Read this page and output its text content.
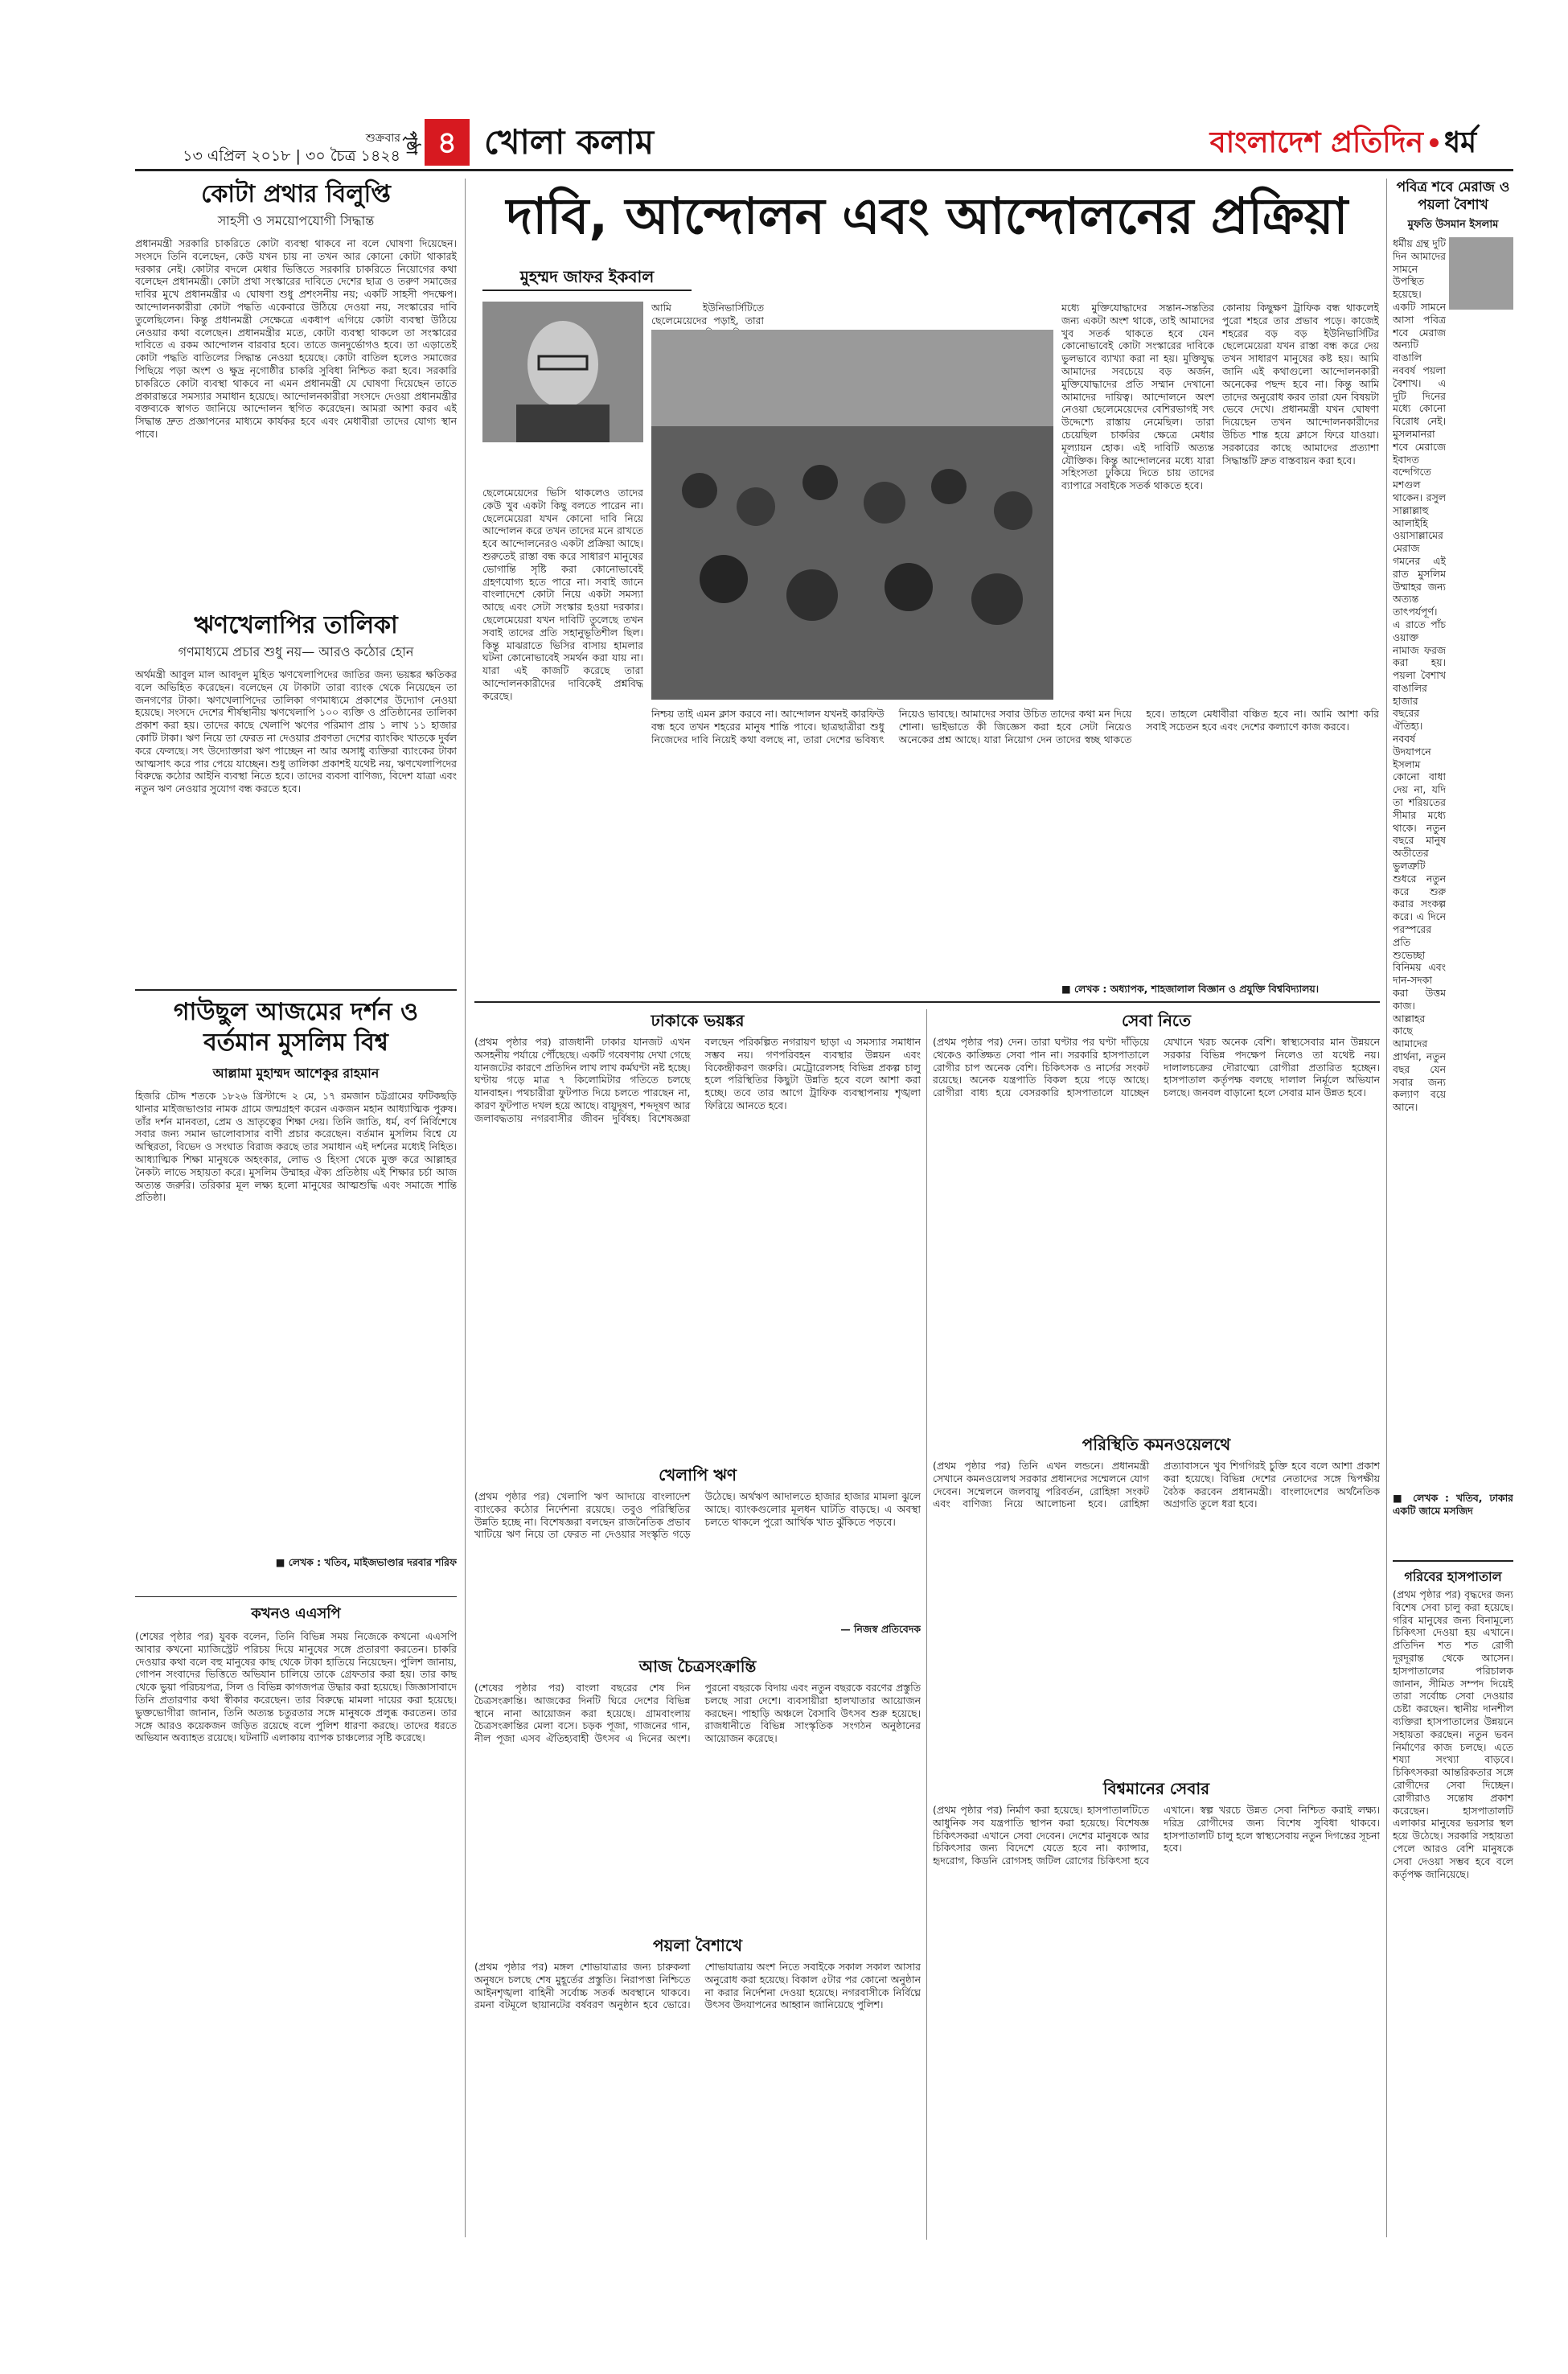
শুক্রবার
১৩ এপ্রিল ২০১৮ | ৩০ চৈত্র ১৪২৪
পৃষ্ঠা ৪ খোলা কলাম	বাংলাদেশ প্রতিদিন ধর্ম
কোটা প্রথার বিলুপ্তি
সাহসী ও সময়োপযোগী সিদ্ধান্ত
প্রধানমন্ত্রী সরকারি চাকরিতে কোটা ব্যবস্থা থাকবে না বলে ঘোষণা দিয়েছেন। সংসদে তিনি বলেছেন, কেউ যখন চায় না তখন আর কোনো কোটা থাকারই দরকার নেই। কোটার বদলে মেধার ভিত্তিতে সরকারি চাকরিতে নিয়োগের কথা বলেছেন প্রধানমন্ত্রী। কোটা প্রথা সংস্কারের দাবিতে দেশের ছাত্র ও তরুণ সমাজের দাবির মুখে প্রধানমন্ত্রীর এ ঘোষণা শুধু প্রশংসনীয় নয়; একটি সাহসী পদক্ষেপ। আন্দোলনকারীরা কোটা পদ্ধতি একেবারে উঠিয়ে দেওয়া নয়, সংস্কারের দাবি তুলেছিলেন। কিন্তু প্রধানমন্ত্রী সেক্ষেত্রে একধাপ এগিয়ে কোটা ব্যবস্থা উঠিয়ে নেওয়ার কথা বলেছেন। প্রধানমন্ত্রীর মতে, কোটা ব্যবস্থা থাকলে তা সংস্কারের দাবিতে এ রকম আন্দোলন বারবার হবে। তাতে জনদুর্ভোগও হবে। তা এড়াতেই কোটা পদ্ধতি বাতিলের সিদ্ধান্ত নেওয়া হয়েছে। কোটা বাতিল হলেও সমাজের পিছিয়ে পড়া অংশ ও ক্ষুদ্র নৃগোষ্ঠীর চাকরি সুবিধা নিশ্চিত করা হবে। সরকারি চাকরিতে কোটা ব্যবস্থা থাকবে না এমন প্রধানমন্ত্রী যে ঘোষণা দিয়েছেন তাতে প্রকারান্তরে সমস্যার সমাধান হয়েছে। আন্দোলনকারীরা সংসদে দেওয়া প্রধানমন্ত্রীর বক্তব্যকে স্বাগত জানিয়ে আন্দোলন স্থগিত করেছেন। আমরা আশা করব এই সিদ্ধান্ত দ্রুত প্রজ্ঞাপনের মাধ্যমে কার্যকর হবে এবং মেধাবীরা তাদের যোগ্য স্থান পাবে।
ঋণখেলাপির তালিকা
গণমাধ্যমে প্রচার শুধু নয়— আরও কঠোর হোন
অর্থমন্ত্রী আবুল মাল আবদুল মুহিত ঋণখেলাপিদের জাতির জন্য ভয়ঙ্কর ক্ষতিকর বলে অভিহিত করেছেন। বলেছেন যে টাকাটা তারা ব্যাংক থেকে নিয়েছেন তা জনগণের টাকা। ঋণখেলাপিদের তালিকা গণমাধ্যমে প্রকাশের উদ্যোগ নেওয়া হয়েছে। সংসদে দেশের শীর্ষস্থানীয় ঋণখেলাপি ১০০ ব্যক্তি ও প্রতিষ্ঠানের তালিকা প্রকাশ করা হয়। তাদের কাছে খেলাপি ঋণের পরিমাণ প্রায় ১ লাখ ১১ হাজার কোটি টাকা। ঋণ নিয়ে তা ফেরত না দেওয়ার প্রবণতা দেশের ব্যাংকিং খাতকে দুর্বল করে ফেলছে। সৎ উদ্যোক্তারা ঋণ পাচ্ছেন না আর অসাধু ব্যক্তিরা ব্যাংকের টাকা আত্মসাৎ করে পার পেয়ে যাচ্ছেন। শুধু তালিকা প্রকাশই যথেষ্ট নয়, ঋণখেলাপিদের বিরুদ্ধে কঠোর আইনি ব্যবস্থা নিতে হবে। তাদের ব্যবসা বাণিজ্য, বিদেশ যাত্রা এবং নতুন ঋণ নেওয়ার সুযোগ বন্ধ করতে হবে।
গাউছুল আজমের দর্শন ও
বর্তমান মুসলিম বিশ্ব
আল্লামা মুহাম্মদ আশেকুর রাহমান
হিজরি চৌদ্দ শতকে ১৮২৬ খ্রিস্টাব্দে ২ মে, ১৭ রমজান চট্টগ্রামের ফটিকছড়ি থানার মাইজভাণ্ডার নামক গ্রামে জন্মগ্রহণ করেন একজন মহান আধ্যাত্মিক পুরুষ। তাঁর দর্শন মানবতা, প্রেম ও ভ্রাতৃত্বের শিক্ষা দেয়। তিনি জাতি, ধর্ম, বর্ণ নির্বিশেষে সবার জন্য সমান ভালোবাসার বাণী প্রচার করেছেন। বর্তমান মুসলিম বিশ্বে যে অস্থিরতা, বিভেদ ও সংঘাত বিরাজ করছে তার সমাধান এই দর্শনের মধ্যেই নিহিত। আধ্যাত্মিক শিক্ষা মানুষকে অহংকার, লোভ ও হিংসা থেকে মুক্ত করে আল্লাহর নৈকট্য লাভে সহায়তা করে। মুসলিম উম্মাহর ঐক্য প্রতিষ্ঠায় এই শিক্ষার চর্চা আজ অত্যন্ত জরুরি। তরিকার মূল লক্ষ্য হলো মানুষের আত্মশুদ্ধি এবং সমাজে শান্তি প্রতিষ্ঠা।
■ লেখক : খতিব, মাইজভাণ্ডার দরবার শরিফ
কখনও এএসপি
(শেষের পৃষ্ঠার পর) যুবক বলেন, তিনি বিভিন্ন সময় নিজেকে কখনো এএসপি আবার কখনো ম্যাজিস্ট্রেট পরিচয় দিয়ে মানুষের সঙ্গে প্রতারণা করতেন। চাকরি দেওয়ার কথা বলে বহু মানুষের কাছ থেকে টাকা হাতিয়ে নিয়েছেন। পুলিশ জানায়, গোপন সংবাদের ভিত্তিতে অভিযান চালিয়ে তাকে গ্রেফতার করা হয়। তার কাছ থেকে ভুয়া পরিচয়পত্র, সিল ও বিভিন্ন কাগজপত্র উদ্ধার করা হয়েছে। জিজ্ঞাসাবাদে তিনি প্রতারণার কথা স্বীকার করেছেন। তার বিরুদ্ধে মামলা দায়ের করা হয়েছে। ভুক্তভোগীরা জানান, তিনি অত্যন্ত চতুরতার সঙ্গে মানুষকে প্রলুব্ধ করতেন। তার সঙ্গে আরও কয়েকজন জড়িত রয়েছে বলে পুলিশ ধারণা করছে। তাদের ধরতে অভিযান অব্যাহত রয়েছে। ঘটনাটি এলাকায় ব্যাপক চাঞ্চল্যের সৃষ্টি করেছে।
দাবি, আন্দোলন এবং আন্দোলনের প্রক্রিয়া
মুহম্মদ জাফর ইকবাল
আমি ইউনিভার্সিটিতে ছেলেমেয়েদের পড়াই, তারা
ছেলেমেয়েদের ভিসি থাকলেও তাদের কেউ খুব একটা কিছু বলতে পারেন না। ছেলেমেয়েরা যখন কোনো দাবি নিয়ে আন্দোলন করে তখন তাদের মনে রাখতে হবে আন্দোলনেরও একটা প্রক্রিয়া আছে। শুরুতেই রাস্তা বন্ধ করে সাধারণ মানুষের ভোগান্তি সৃষ্টি করা কোনোভাবেই গ্রহণযোগ্য হতে পারে না। সবাই জানে বাংলাদেশে কোটা নিয়ে একটা সমস্যা আছে এবং সেটা সংস্কার হওয়া দরকার। ছেলেমেয়েরা যখন দাবিটি তুলেছে তখন সবাই তাদের প্রতি সহানুভূতিশীল ছিল। কিন্তু মাঝরাতে ভিসির বাসায় হামলার ঘটনা কোনোভাবেই সমর্থন করা যায় না। যারা এই কাজটি করেছে তারা আন্দোলনকারীদের দাবিকেই প্রশ্নবিদ্ধ করেছে।
মধ্যে মুক্তিযোদ্ধাদের সন্তান-সন্ততির জন্য একটা অংশ থাকে, তাই আমাদের খুব সতর্ক থাকতে হবে যেন কোনোভাবেই কোটা সংস্কারের দাবিকে ভুলভাবে ব্যাখ্যা করা না হয়। মুক্তিযুদ্ধ আমাদের সবচেয়ে বড় অর্জন, মুক্তিযোদ্ধাদের প্রতি সম্মান দেখানো আমাদের দায়িত্ব। আন্দোলনে অংশ নেওয়া ছেলেমেয়েদের বেশিরভাগই সৎ উদ্দেশ্যে রাস্তায় নেমেছিল। তারা চেয়েছিল চাকরির ক্ষেত্রে মেধার মূল্যায়ন হোক। এই দাবিটি অত্যন্ত যৌক্তিক। কিন্তু আন্দোলনের মধ্যে যারা সহিংসতা ঢুকিয়ে দিতে চায় তাদের ব্যাপারে সবাইকে সতর্ক থাকতে হবে।
কোনায় কিছুক্ষণ ট্রাফিক বন্ধ থাকলেই পুরো শহরে তার প্রভাব পড়ে। কাজেই শহরের বড় বড় ইউনিভার্সিটির ছেলেমেয়েরা যখন রাস্তা বন্ধ করে দেয় তখন সাধারণ মানুষের কষ্ট হয়। আমি জানি এই কথাগুলো আন্দোলনকারী অনেকের পছন্দ হবে না। কিন্তু আমি তাদের অনুরোধ করব তারা যেন বিষয়টা ভেবে দেখে। প্রধানমন্ত্রী যখন ঘোষণা দিয়েছেন তখন আন্দোলনকারীদের উচিত শান্ত হয়ে ক্লাসে ফিরে যাওয়া। সরকারের কাছে আমাদের প্রত্যাশা সিদ্ধান্তটি দ্রুত বাস্তবায়ন করা হবে।
নিশ্চয় তাই এমন ক্লাস করবে না। আন্দোলন যখনই কারফিউ বন্ধ হবে তখন শহরের মানুষ শান্তি পাবে। ছাত্রছাত্রীরা শুধু নিজেদের দাবি নিয়েই কথা বলছে না, তারা দেশের ভবিষ্যৎ নিয়েও ভাবছে। আমাদের সবার উচিত তাদের কথা মন দিয়ে শোনা। ভাইভাতে কী জিজ্ঞেস করা হবে সেটা নিয়েও অনেকের প্রশ্ন আছে। যারা নিয়োগ দেন তাদের স্বচ্ছ থাকতে হবে। তাহলে মেধাবীরা বঞ্চিত হবে না। আমি আশা করি সবাই সচেতন হবে এবং দেশের কল্যাণে কাজ করবে।
■ লেখক : অধ্যাপক, শাহজালাল বিজ্ঞান ও প্রযুক্তি বিশ্ববিদ্যালয়।
ঢাকাকে ভয়ঙ্কর
(প্রথম পৃষ্ঠার পর) রাজধানী ঢাকার যানজট এখন অসহনীয় পর্যায়ে পৌঁছেছে। একটি গবেষণায় দেখা গেছে যানজটের কারণে প্রতিদিন লাখ লাখ কর্মঘণ্টা নষ্ট হচ্ছে। ঘণ্টায় গড়ে মাত্র ৭ কিলোমিটার গতিতে চলছে যানবাহন। পথচারীরা ফুটপাত দিয়ে চলতে পারছেন না, কারণ ফুটপাত দখল হয়ে আছে। বায়ুদূষণ, শব্দদূষণ আর জলাবদ্ধতায় নগরবাসীর জীবন দুর্বিষহ। বিশেষজ্ঞরা বলছেন পরিকল্পিত নগরায়ণ ছাড়া এ সমস্যার সমাধান সম্ভব নয়। গণপরিবহন ব্যবস্থার উন্নয়ন এবং বিকেন্দ্রীকরণ জরুরি। মেট্রোরেলসহ বিভিন্ন প্রকল্প চালু হলে পরিস্থিতির কিছুটা উন্নতি হবে বলে আশা করা হচ্ছে। তবে তার আগে ট্রাফিক ব্যবস্থাপনায় শৃঙ্খলা ফিরিয়ে আনতে হবে।
খেলাপি ঋণ
(প্রথম পৃষ্ঠার পর) খেলাপি ঋণ আদায়ে বাংলাদেশ ব্যাংকের কঠোর নির্দেশনা রয়েছে। তবুও পরিস্থিতির উন্নতি হচ্ছে না। বিশেষজ্ঞরা বলছেন রাজনৈতিক প্রভাব খাটিয়ে ঋণ নিয়ে তা ফেরত না দেওয়ার সংস্কৃতি গড়ে উঠেছে। অর্থঋণ আদালতে হাজার হাজার মামলা ঝুলে আছে। ব্যাংকগুলোর মূলধন ঘাটতি বাড়ছে। এ অবস্থা চলতে থাকলে পুরো আর্থিক খাত ঝুঁকিতে পড়বে।
— নিজস্ব প্রতিবেদক
আজ চৈত্রসংক্রান্তি
(শেষের পৃষ্ঠার পর) বাংলা বছরের শেষ দিন চৈত্রসংক্রান্তি। আজকের দিনটি ঘিরে দেশের বিভিন্ন স্থানে নানা আয়োজন করা হয়েছে। গ্রামবাংলায় চৈত্রসংক্রান্তির মেলা বসে। চড়ক পূজা, গাজনের গান, নীল পূজা এসব ঐতিহ্যবাহী উৎসব এ দিনের অংশ। পুরনো বছরকে বিদায় এবং নতুন বছরকে বরণের প্রস্তুতি চলছে সারা দেশে। ব্যবসায়ীরা হালখাতার আয়োজন করছেন। পাহাড়ি অঞ্চলে বৈসাবি উৎসব শুরু হয়েছে। রাজধানীতে বিভিন্ন সাংস্কৃতিক সংগঠন অনুষ্ঠানের আয়োজন করেছে।
পয়লা বৈশাখে
(প্রথম পৃষ্ঠার পর) মঙ্গল শোভাযাত্রার জন্য চারুকলা অনুষদে চলছে শেষ মুহূর্তের প্রস্তুতি। নিরাপত্তা নিশ্চিতে আইনশৃঙ্খলা বাহিনী সর্বোচ্চ সতর্ক অবস্থানে থাকবে। রমনা বটমূলে ছায়ানটের বর্ষবরণ অনুষ্ঠান হবে ভোরে। শোভাযাত্রায় অংশ নিতে সবাইকে সকাল সকাল আসার অনুরোধ করা হয়েছে। বিকাল ৫টার পর কোনো অনুষ্ঠান না করার নির্দেশনা দেওয়া হয়েছে। নগরবাসীকে নির্বিঘ্নে উৎসব উদযাপনের আহ্বান জানিয়েছে পুলিশ।
সেবা নিতে
(প্রথম পৃষ্ঠার পর) দেন। তারা ঘণ্টার পর ঘণ্টা দাঁড়িয়ে থেকেও কাঙ্ক্ষিত সেবা পান না। সরকারি হাসপাতালে রোগীর চাপ অনেক বেশি। চিকিৎসক ও নার্সের সংকট রয়েছে। অনেক যন্ত্রপাতি বিকল হয়ে পড়ে আছে। রোগীরা বাধ্য হয়ে বেসরকারি হাসপাতালে যাচ্ছেন যেখানে খরচ অনেক বেশি। স্বাস্থ্যসেবার মান উন্নয়নে সরকার বিভিন্ন পদক্ষেপ নিলেও তা যথেষ্ট নয়। দালালচক্রের দৌরাত্ম্যে রোগীরা প্রতারিত হচ্ছেন। হাসপাতাল কর্তৃপক্ষ বলছে দালাল নির্মূলে অভিযান চলছে। জনবল বাড়ানো হলে সেবার মান উন্নত হবে।
পরিস্থিতি কমনওয়েলথে
(প্রথম পৃষ্ঠার পর) তিনি এখন লন্ডনে। প্রধানমন্ত্রী সেখানে কমনওয়েলথ সরকার প্রধানদের সম্মেলনে যোগ দেবেন। সম্মেলনে জলবায়ু পরিবর্তন, রোহিঙ্গা সংকট এবং বাণিজ্য নিয়ে আলোচনা হবে। রোহিঙ্গা প্রত্যাবাসনে খুব শিগগিরই চুক্তি হবে বলে আশা প্রকাশ করা হয়েছে। বিভিন্ন দেশের নেতাদের সঙ্গে দ্বিপক্ষীয় বৈঠক করবেন প্রধানমন্ত্রী। বাংলাদেশের অর্থনৈতিক অগ্রগতি তুলে ধরা হবে।
বিশ্বমানের সেবার
(প্রথম পৃষ্ঠার পর) নির্মাণ করা হয়েছে। হাসপাতালটিতে আধুনিক সব যন্ত্রপাতি স্থাপন করা হয়েছে। বিশেষজ্ঞ চিকিৎসকরা এখানে সেবা দেবেন। দেশের মানুষকে আর চিকিৎসার জন্য বিদেশে যেতে হবে না। ক্যান্সার, হৃদরোগ, কিডনি রোগসহ জটিল রোগের চিকিৎসা হবে এখানে। স্বল্প খরচে উন্নত সেবা নিশ্চিত করাই লক্ষ্য। দরিদ্র রোগীদের জন্য বিশেষ সুবিধা থাকবে। হাসপাতালটি চালু হলে স্বাস্থ্যসেবায় নতুন দিগন্তের সূচনা হবে।
পবিত্র শবে মেরাজ ও পয়লা বৈশাখ
মুফতি উসমান ইসলাম
ধর্মীয় গ্রন্থ দুটি দিন আমাদের সামনে উপস্থিত হয়েছে। একটি সামনে আসা পবিত্র শবে মেরাজ অন্যটি বাঙালি নববর্ষ পয়লা বৈশাখ। এ দুটি দিনের মধ্যে কোনো বিরোধ নেই। মুসলমানরা শবে মেরাজে ইবাদত বন্দেগিতে মশগুল থাকেন। রসুল সাল্লাল্লাহু আলাইহি ওয়াসাল্লামের মেরাজ গমনের এই রাত মুসলিম উম্মাহর জন্য অত্যন্ত তাৎপর্যপূর্ণ। এ রাতে পাঁচ ওয়াক্ত নামাজ ফরজ করা হয়। পয়লা বৈশাখ বাঙালির হাজার বছরের ঐতিহ্য। নববর্ষ উদযাপনে ইসলাম কোনো বাধা দেয় না, যদি তা শরিয়তের সীমার মধ্যে থাকে। নতুন বছরে মানুষ অতীতের ভুলত্রুটি শুধরে নতুন করে শুরু করার সংকল্প করে। এ দিনে পরস্পরের প্রতি শুভেচ্ছা বিনিময় এবং দান-সদকা করা উত্তম কাজ। আল্লাহর কাছে আমাদের প্রার্থনা, নতুন বছর যেন সবার জন্য কল্যাণ বয়ে আনে।
■ লেখক : খতিব, ঢাকার একটি জামে মসজিদ
গরিবের হাসপাতাল
(প্রথম পৃষ্ঠার পর) বৃদ্ধদের জন্য বিশেষ সেবা চালু করা হয়েছে। গরিব মানুষের জন্য বিনামূল্যে চিকিৎসা দেওয়া হয় এখানে। প্রতিদিন শত শত রোগী দূরদূরান্ত থেকে আসেন। হাসপাতালের পরিচালক জানান, সীমিত সম্পদ দিয়েই তারা সর্বোচ্চ সেবা দেওয়ার চেষ্টা করছেন। স্থানীয় দানশীল ব্যক্তিরা হাসপাতালের উন্নয়নে সহায়তা করছেন। নতুন ভবন নির্মাণের কাজ চলছে। এতে শয্যা সংখ্যা বাড়বে। চিকিৎসকরা আন্তরিকতার সঙ্গে রোগীদের সেবা দিচ্ছেন। রোগীরাও সন্তোষ প্রকাশ করেছেন। হাসপাতালটি এলাকার মানুষের ভরসার স্থল হয়ে উঠেছে। সরকারি সহায়তা পেলে আরও বেশি মানুষকে সেবা দেওয়া সম্ভব হবে বলে কর্তৃপক্ষ জানিয়েছে।
